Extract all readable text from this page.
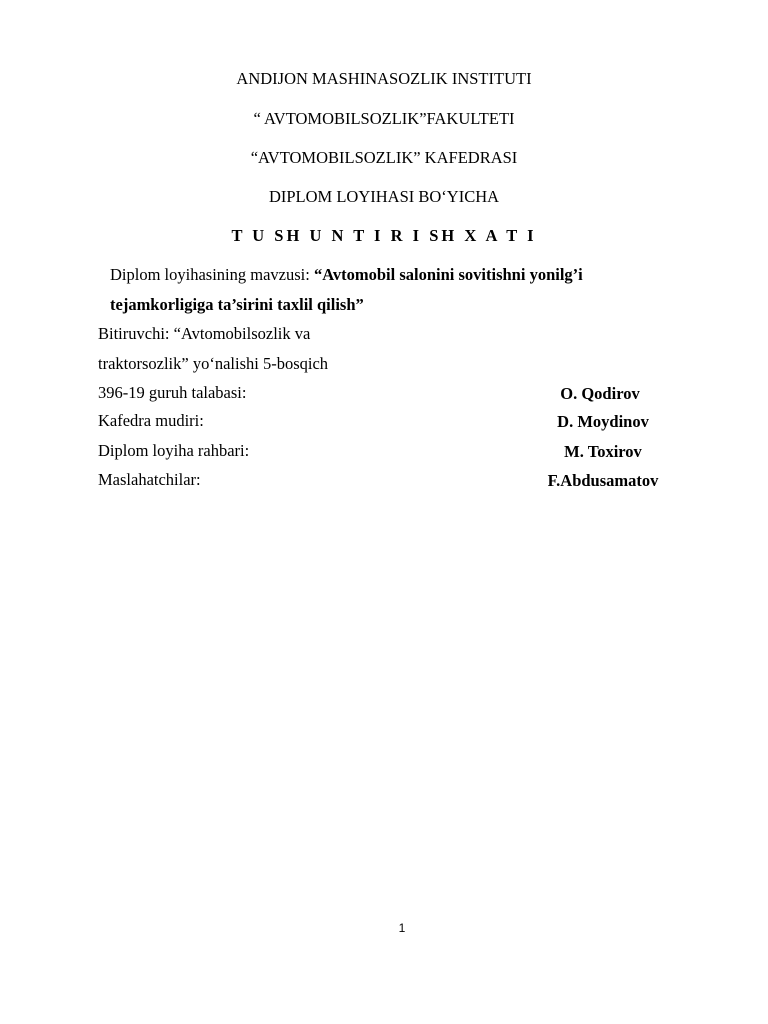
ANDIJON MASHINASOZLIK INSTITUTI
“ AVTOMOBILSOZLIK”FAKULTETI
“AVTOMOBILSOZLIK” KAFEDRASI
DIPLOM LOYIHASI BO‘YICHA
T U SH U N T I R I SH X A T I
Diplom loyihasining mavzusi: “Avtomobil salonini sovitishni yonilg’i
tejamkorligiga ta’sirini taxlil qilish”
Bitiruvchi: “Avtomobilsozlik va
traktorsozlik” yo‘nalishi 5-bosqich
396-19 guruh talabasi:	O. Qodirov
Kafedra mudiri:	D. Moydinov
Diplom loyiha rahbari:	M. Toxirov
Maslahatchilar:	F.Abdusamatov
1
